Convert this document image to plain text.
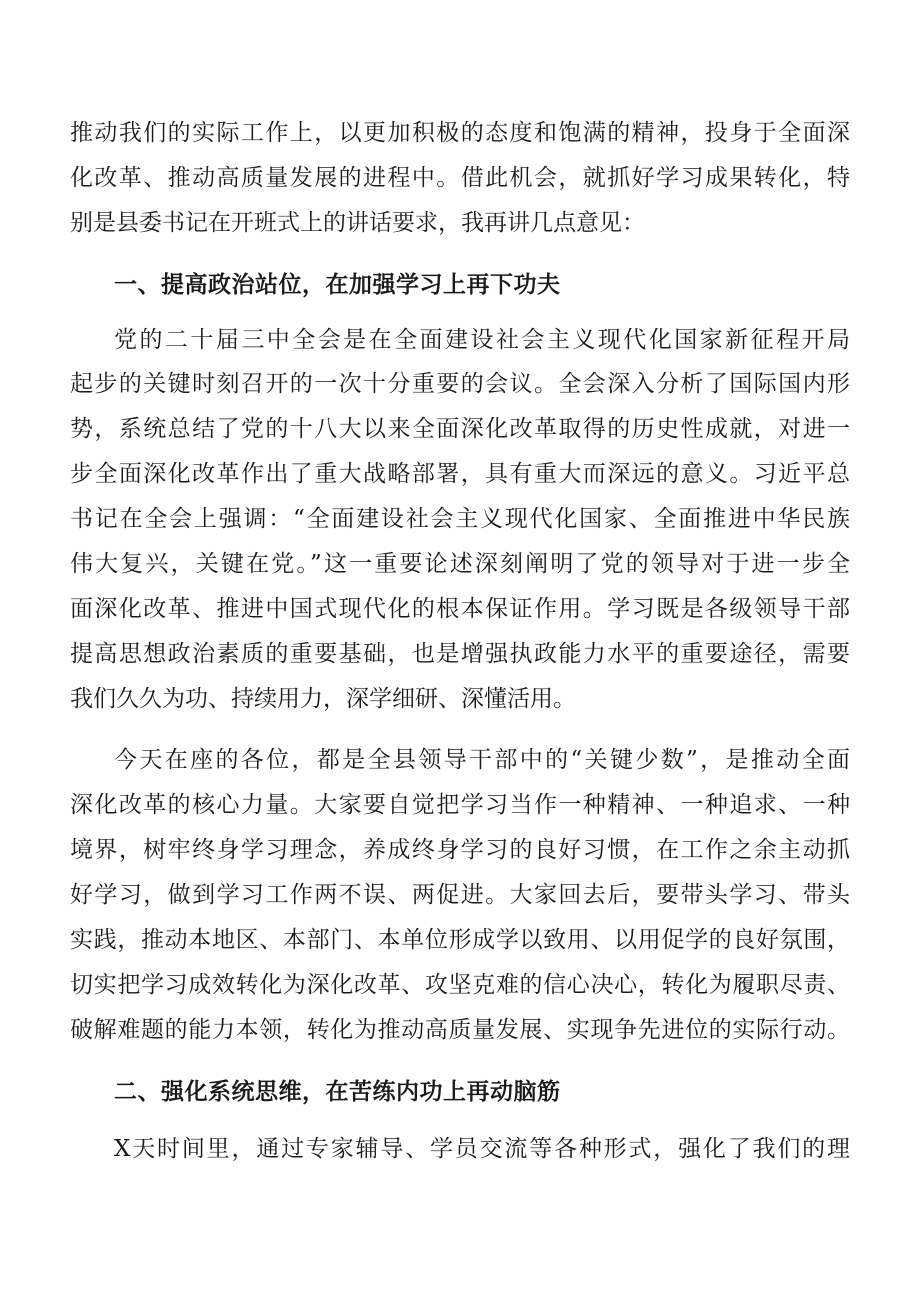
推动我们的实际工作上，以更加积极的态度和饱满的精神，投身于全面深
化改革、推动高质量发展的进程中。借此机会，就抓好学习成果转化，特
别是县委书记在开班式上的讲话要求，我再讲几点意见：
一、提高政治站位，在加强学习上再下功夫
党的二十届三中全会是在全面建设社会主义现代化国家新征程开局
起步的关键时刻召开的一次十分重要的会议。全会深入分析了国际国内形
势，系统总结了党的十八大以来全面深化改革取得的历史性成就，对进一
步全面深化改革作出了重大战略部署，具有重大而深远的意义。习近平总
书记在全会上强调：“全面建设社会主义现代化国家、全面推进中华民族
伟大复兴，关键在党。”这一重要论述深刻阐明了党的领导对于进一步全
面深化改革、推进中国式现代化的根本保证作用。学习既是各级领导干部
提高思想政治素质的重要基础，也是增强执政能力水平的重要途径，需要
我们久久为功、持续用力，深学细研、深懂活用。
今天在座的各位，都是全县领导干部中的“关键少数”，是推动全面
深化改革的核心力量。大家要自觉把学习当作一种精神、一种追求、一种
境界，树牢终身学习理念，养成终身学习的良好习惯，在工作之余主动抓
好学习，做到学习工作两不误、两促进。大家回去后，要带头学习、带头
实践，推动本地区、本部门、本单位形成学以致用、以用促学的良好氛围，
切实把学习成效转化为深化改革、攻坚克难的信心决心，转化为履职尽责、
破解难题的能力本领，转化为推动高质量发展、实现争先进位的实际行动。
二、强化系统思维，在苦练内功上再动脑筋
X天时间里，通过专家辅导、学员交流等各种形式，强化了我们的理
